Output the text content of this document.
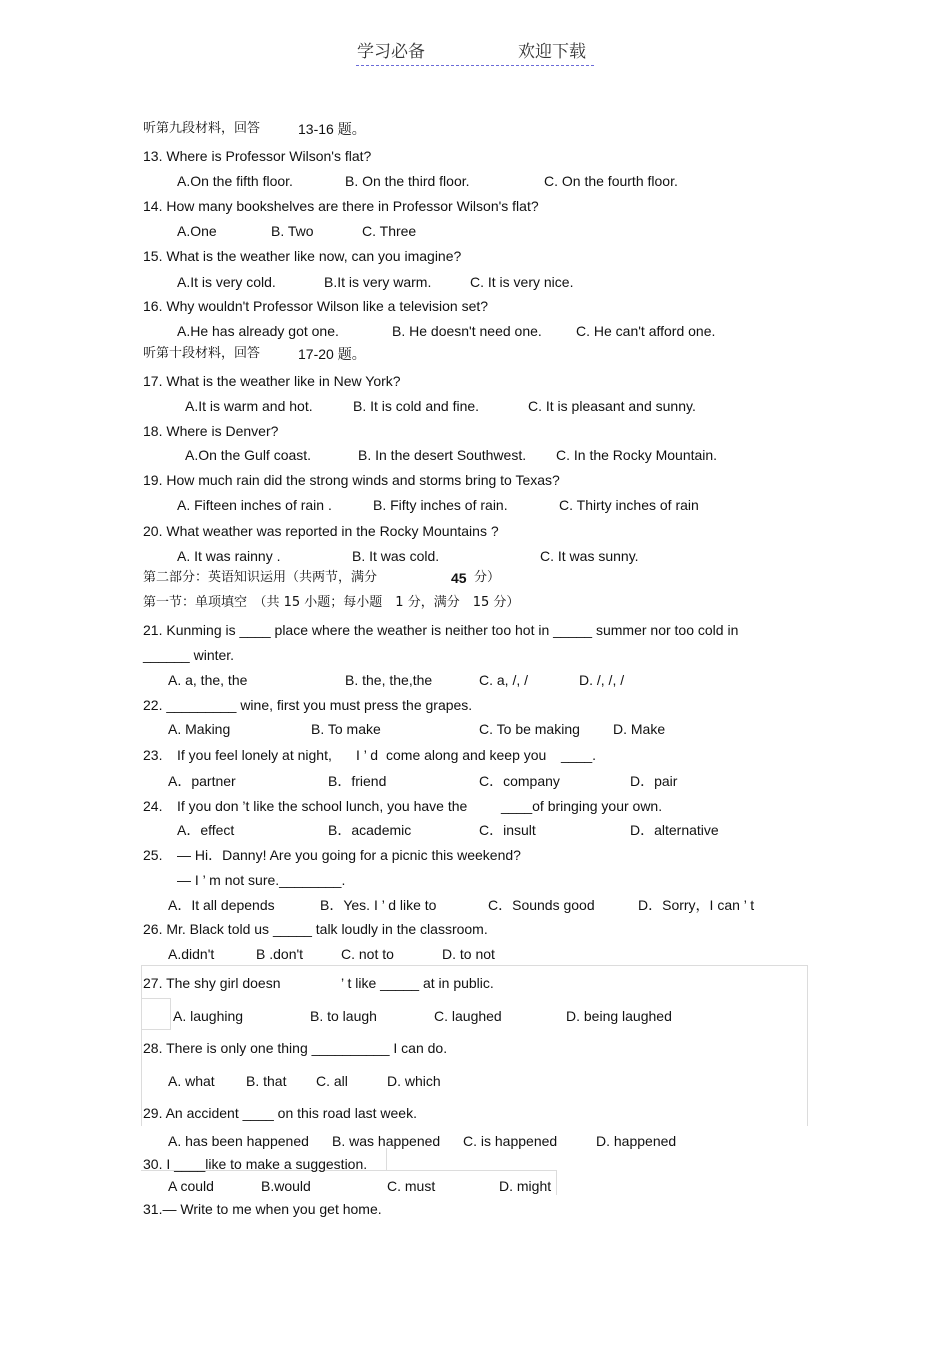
学习必备	欢迎下载
听第九段材料，回答	13-16 题。
13. Where is Professor Wilson's flat?
A.On the fifth floor.	B. On the third floor.	C. On the fourth floor.
14. How many bookshelves are there in Professor Wilson's flat?
A.One	B. Two	C. Three
15. What is the weather like now, can you imagine?
A.It is very cold.	B.It is very warm.	C. It is very nice.
16. Why wouldn't Professor Wilson like a television set?
A.He has already got one.	B. He doesn't need one. C. He can't afford one.
听第十段材料，回答	17-20 题。
17. What is the weather like in New York?
A.It is warm and hot.	B. It is cold and fine.	C. It is pleasant and sunny.
18. Where is Denver?
A.On the Gulf coast.	B. In the desert Southwest. C. In the Rocky Mountain.
19. How much rain did the strong winds and storms bring to Texas?
A. Fifteen inches of rain .	B. Fifty inches of rain.	C. Thirty inches of rain
20. What weather was reported in the Rocky Mountains ?
A. It was rainny .	B. It was cold.	C. It was sunny.
第二部分：英语知识运用（共两节，满分	45 分）
第一节：单项填空　（共 15 小题；每小题　1 分，满分　15 分）
21. Kunming is ____ place where the weather is neither too hot in _____ summer nor too cold in
______ winter.
A. a, the, the	B. the, the,the	C. a, /, /	D. /, /, /
22. _________ wine, first you must press the grapes.
A. Making	B. To make	C. To be making D. Make
23. If you feel lonely at night, I ’ d come along and keep you ____.
A．partner	B．friend	C．company	D．pair
24. If you don ’t like the school lunch, you have the ____of bringing your own.
A．effect	B．academic	C．insult	D．alternative
25. — Hi．Danny! Are you going for a picnic this weekend?
— I ’ m not sure.________.
A．It all depends	B．Yes. I ’ d like to	C．Sounds good	D．Sorry，I can ’ t
26. Mr. Black told us _____ talk loudly in the classroom.
A.didn't	B .don't	C. not to	D. to not
27. The shy girl doesn	’ t like _____ at in public.
A. laughing	B. to laugh	C. laughed	D. being laughed
28. There is only one thing __________ I can do.
A. what B. that C. all	D. which
29. An accident ____ on this road last week.
A. has been happened B. was happened C. is happened	D. happened
30. I ____like to make a suggestion.
A could	B.would	C. must	D. might
31.— Write to me when you get home.
